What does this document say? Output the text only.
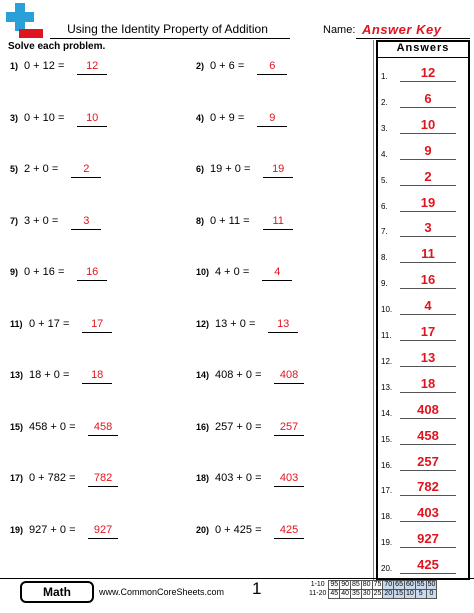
Using the Identity Property of Addition	Name: Answer Key
Solve each problem.
1) 0 + 12 =	12	2) 0 + 6 =	6
3) 0 + 10 =	10	4) 0 + 9 =	9
5) 2 + 0 =	2	6) 19 + 0 =	19
7) 3 + 0 =	3	8) 0 + 11 =	11
9) 0 + 16 =	16	10) 4 + 0 =	4
11) 0 + 17 =	17	12) 13 + 0 =	13
13) 18 + 0 =	18	14) 408 + 0 =	408
15) 458 + 0 =	458	16) 257 + 0 =	257
17) 0 + 782 =	782	18) 403 + 0 =	403
19) 927 + 0 =	927	20) 0 + 425 =	425
Answers
1.	12
2.	6
3.	10
4.	9
5.	2
6.	19
7.	3
8.	11
9.	16
10.	4
11.	17
12.	13
13.	18
14.	408
15.	458
16.	257
17.	782
18.	403
19.	927
20.	425
Math	www.CommonCoreSheets.com 1	1-10	95	90	85	80	75	70	65	60	55	50
11-20	45	40	35	30	25	20	15	10	5	0
